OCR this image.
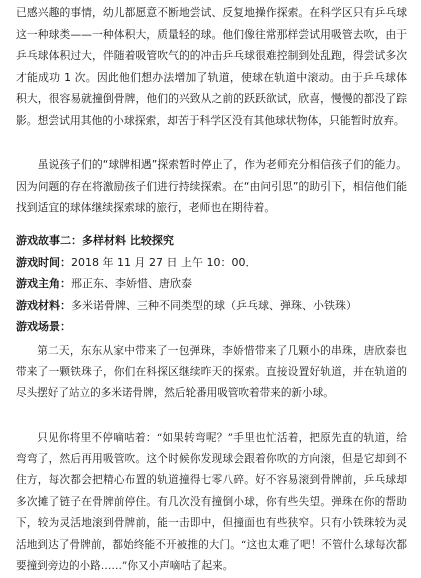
已感兴趣的事情，幼儿都愿意不断地尝试、反复地操作探索。在科学区只有乒乓球这一种球类——一种体积大，质量轻的球。他们像往常那样尝试用吸管去吹，由于乒乓球体积过大，伴随着吸管吹气的的冲击乒乓球很难控制到处乱跑，得尝试多次才能成功 1 次。因此他们想办法增加了轨道，使球在轨道中滚动。由于乒乓球体积大，很容易就撞倒骨牌，他们的兴致从之前的跃跃欲试，欣喜，慢慢的都没了踪影。想尝试用其他的小球探索，却苦于科学区没有其他球状物体，只能暂时放弃。

虽说孩子们的“球牌相遇”探索暂时停止了，作为老师充分相信孩子们的能力。因为问题的存在将激励孩子们进行持续探索。在“由问引思”的助引下，相信他们能找到适宜的球体继续探索球的旅行，老师也在期待着。

游戏故事二：多样材料 比较探究

游戏时间：2018 年 11 月 27 日 上午 10：00．

游戏主角：邢正东、李娇惜、唐欣泰

游戏材料：多米诺骨牌、三种不同类型的球（乒乓球、弹珠、小铁珠）

游戏场景：

第二天，东东从家中带来了一包弹珠，李娇惜带来了几颗小的串珠，唐欣泰也带来了一颗铁珠子，你们在科探区继续昨天的探索。直接设置好轨道，并在轨道的尽头摆好了站立的多米诺骨牌，然后轮番用吸管吹着带来的新小球。

只见你将里不停嘀咕着：“如果转弯呢？”手里也忙活着，把原先直的轨道，给弯弯了，然后再用吸管吹。这个时候你发现球会跟着你吹的方向滚，但是它却到不住方，每次都会把精心布置的轨道撞得七零八碎。好不容易滚到骨牌前，乒乓球却多次摊了链子在骨牌前停住。有几次没有撞倒小球，你有些失望。弹珠在你的帮助下，较为灵活地滚到骨牌前，能一击即中，但撞面也有些狭窄。只有小铁珠较为灵活地到达了骨牌前，都始终能不开被推的大门。“这也太难了吧！不管什么球每次都要撞到旁边的小路……”你又小声嘀咕了起来。
